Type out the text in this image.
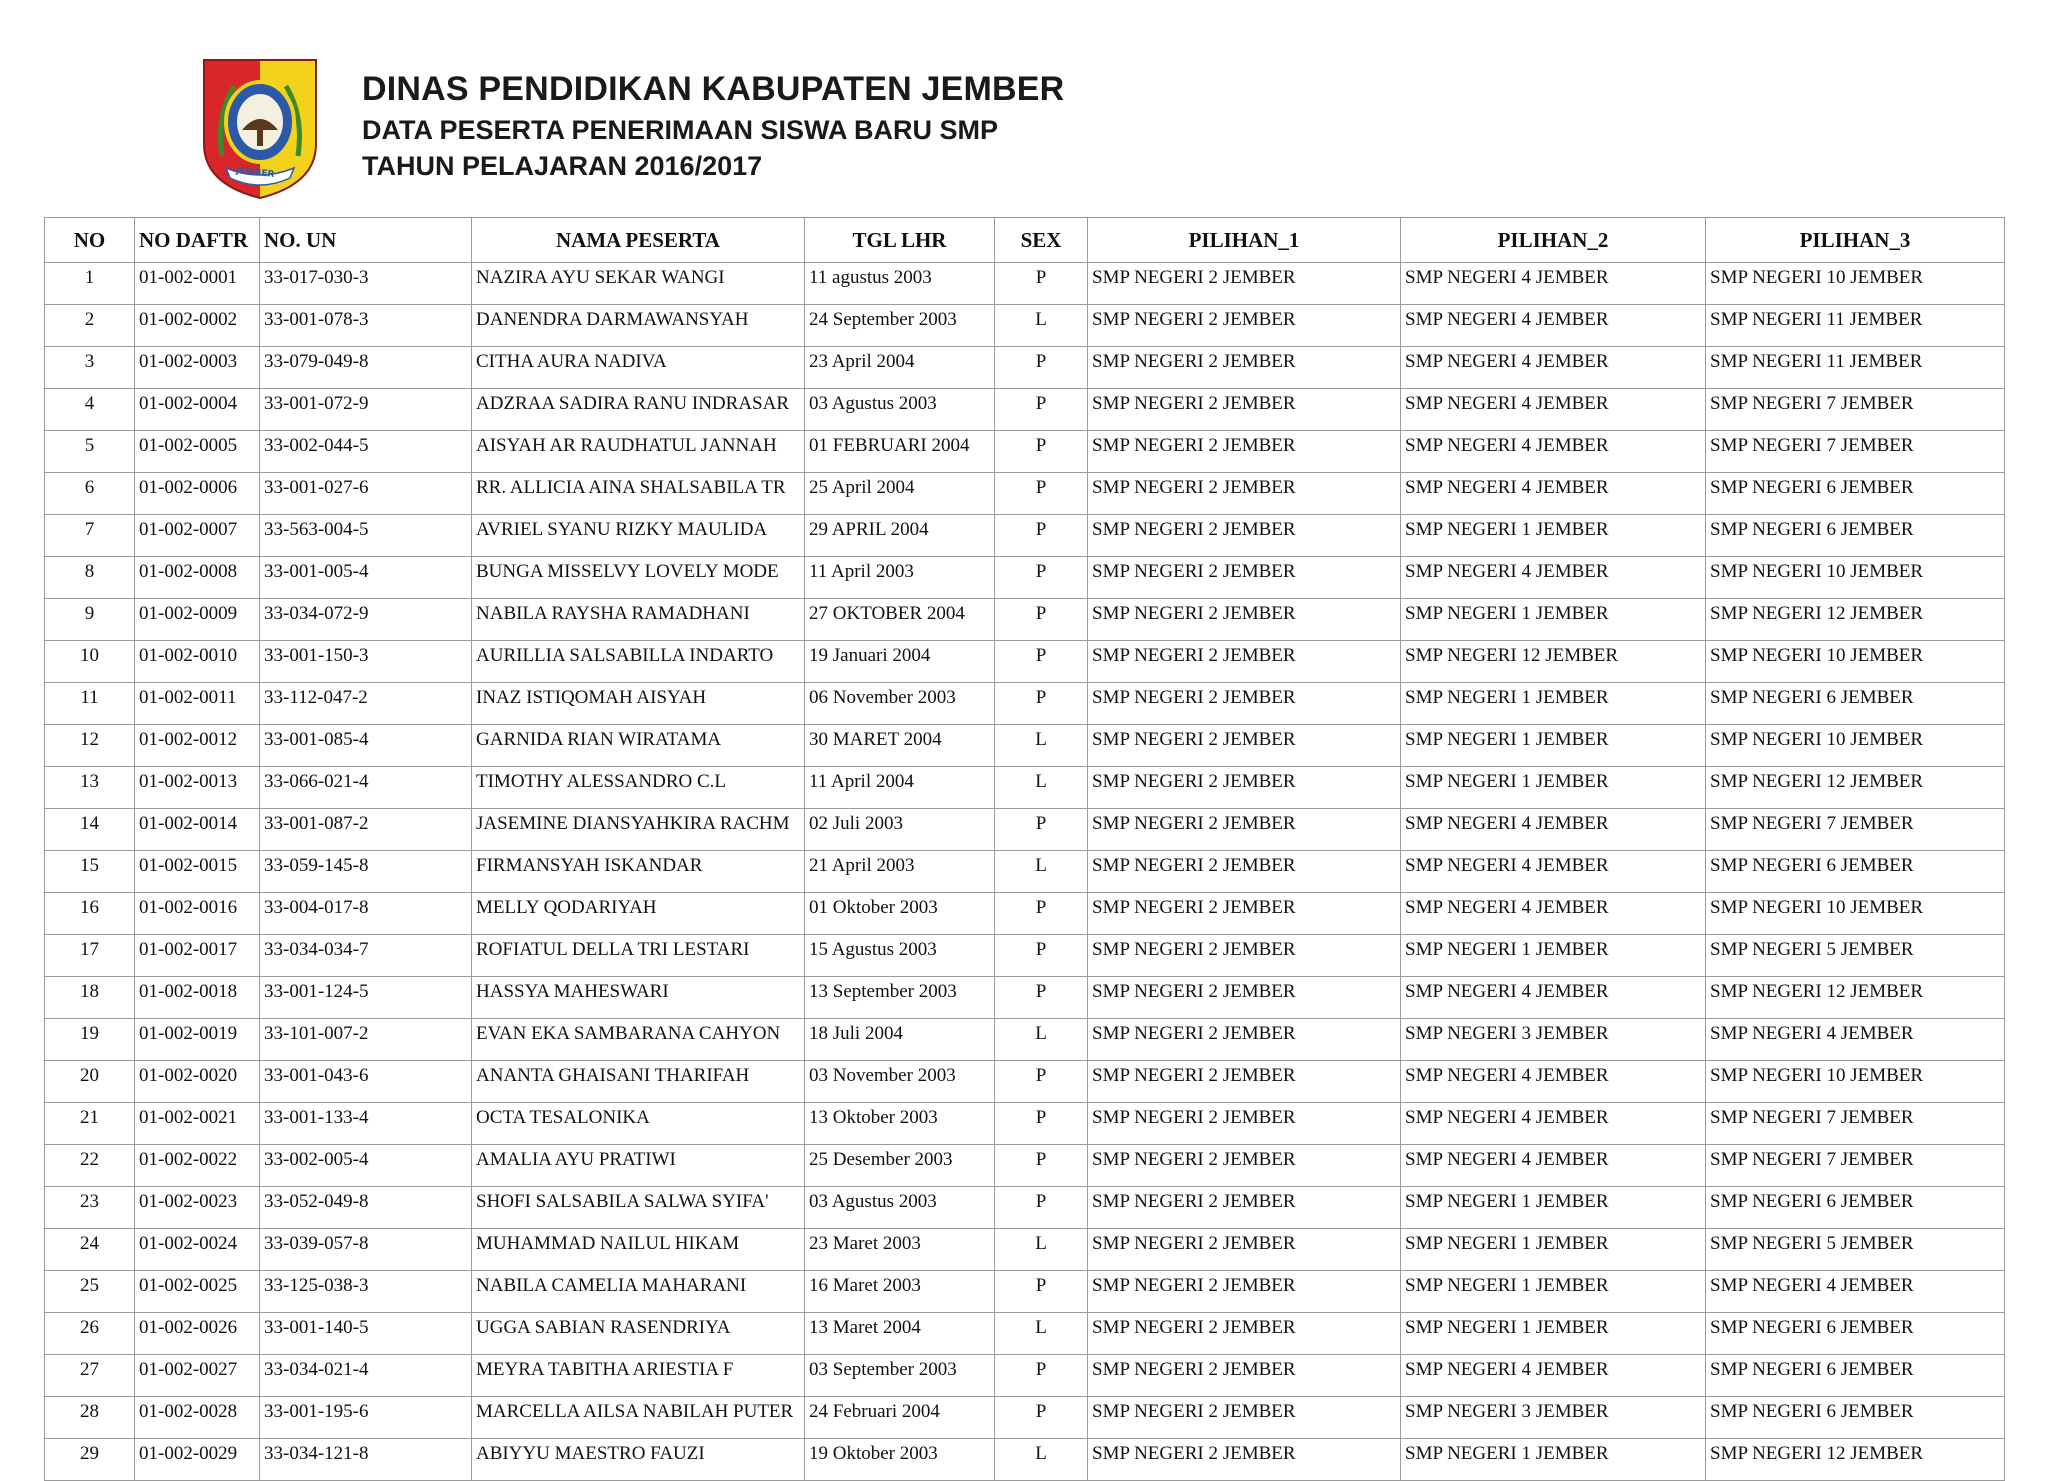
JEMBER
DINAS PENDIDIKAN KABUPATEN JEMBER
DATA PESERTA PENERIMAAN SISWA BARU SMP
TAHUN PELAJARAN 2016/2017
NO	NO DAFTR	NO. UN	NAMA PESERTA	TGL LHR	SEX	PILIHAN_1	PILIHAN_2	PILIHAN_3
1	01-002-0001	33-017-030-3	NAZIRA AYU SEKAR WANGI	11 agustus 2003	P	SMP NEGERI 2 JEMBER	SMP NEGERI 4 JEMBER	SMP NEGERI 10 JEMBER
2	01-002-0002	33-001-078-3	DANENDRA DARMAWANSYAH	24 September 2003	L	SMP NEGERI 2 JEMBER	SMP NEGERI 4 JEMBER	SMP NEGERI 11 JEMBER
3	01-002-0003	33-079-049-8	CITHA AURA NADIVA	23 April 2004	P	SMP NEGERI 2 JEMBER	SMP NEGERI 4 JEMBER	SMP NEGERI 11 JEMBER
4	01-002-0004	33-001-072-9	ADZRAA SADIRA RANU INDRASAR	03 Agustus 2003	P	SMP NEGERI 2 JEMBER	SMP NEGERI 4 JEMBER	SMP NEGERI 7 JEMBER
5	01-002-0005	33-002-044-5	AISYAH AR RAUDHATUL JANNAH	01 FEBRUARI 2004	P	SMP NEGERI 2 JEMBER	SMP NEGERI 4 JEMBER	SMP NEGERI 7 JEMBER
6	01-002-0006	33-001-027-6	RR. ALLICIA AINA SHALSABILA TR	25 April 2004	P	SMP NEGERI 2 JEMBER	SMP NEGERI 4 JEMBER	SMP NEGERI 6 JEMBER
7	01-002-0007	33-563-004-5	AVRIEL SYANU RIZKY MAULIDA	29 APRIL 2004	P	SMP NEGERI 2 JEMBER	SMP NEGERI 1 JEMBER	SMP NEGERI 6 JEMBER
8	01-002-0008	33-001-005-4	BUNGA MISSELVY LOVELY MODE	11 April 2003	P	SMP NEGERI 2 JEMBER	SMP NEGERI 4 JEMBER	SMP NEGERI 10 JEMBER
9	01-002-0009	33-034-072-9	NABILA RAYSHA RAMADHANI	27 OKTOBER 2004	P	SMP NEGERI 2 JEMBER	SMP NEGERI 1 JEMBER	SMP NEGERI 12 JEMBER
10	01-002-0010	33-001-150-3	AURILLIA SALSABILLA INDARTO	19 Januari 2004	P	SMP NEGERI 2 JEMBER	SMP NEGERI 12 JEMBER	SMP NEGERI 10 JEMBER
11	01-002-0011	33-112-047-2	INAZ ISTIQOMAH AISYAH	06 November 2003	P	SMP NEGERI 2 JEMBER	SMP NEGERI 1 JEMBER	SMP NEGERI 6 JEMBER
12	01-002-0012	33-001-085-4	GARNIDA RIAN WIRATAMA	30 MARET 2004	L	SMP NEGERI 2 JEMBER	SMP NEGERI 1 JEMBER	SMP NEGERI 10 JEMBER
13	01-002-0013	33-066-021-4	TIMOTHY ALESSANDRO C.L	11 April 2004	L	SMP NEGERI 2 JEMBER	SMP NEGERI 1 JEMBER	SMP NEGERI 12 JEMBER
14	01-002-0014	33-001-087-2	JASEMINE DIANSYAHKIRA RACHM	02 Juli 2003	P	SMP NEGERI 2 JEMBER	SMP NEGERI 4 JEMBER	SMP NEGERI 7 JEMBER
15	01-002-0015	33-059-145-8	FIRMANSYAH ISKANDAR	21 April 2003	L	SMP NEGERI 2 JEMBER	SMP NEGERI 4 JEMBER	SMP NEGERI 6 JEMBER
16	01-002-0016	33-004-017-8	MELLY QODARIYAH	01 Oktober 2003	P	SMP NEGERI 2 JEMBER	SMP NEGERI 4 JEMBER	SMP NEGERI 10 JEMBER
17	01-002-0017	33-034-034-7	ROFIATUL DELLA TRI LESTARI	15 Agustus 2003	P	SMP NEGERI 2 JEMBER	SMP NEGERI 1 JEMBER	SMP NEGERI 5 JEMBER
18	01-002-0018	33-001-124-5	HASSYA MAHESWARI	13 September 2003	P	SMP NEGERI 2 JEMBER	SMP NEGERI 4 JEMBER	SMP NEGERI 12 JEMBER
19	01-002-0019	33-101-007-2	EVAN EKA SAMBARANA CAHYON	18 Juli 2004	L	SMP NEGERI 2 JEMBER	SMP NEGERI 3 JEMBER	SMP NEGERI 4 JEMBER
20	01-002-0020	33-001-043-6	ANANTA GHAISANI THARIFAH	03 November 2003	P	SMP NEGERI 2 JEMBER	SMP NEGERI 4 JEMBER	SMP NEGERI 10 JEMBER
21	01-002-0021	33-001-133-4	OCTA TESALONIKA	13 Oktober 2003	P	SMP NEGERI 2 JEMBER	SMP NEGERI 4 JEMBER	SMP NEGERI 7 JEMBER
22	01-002-0022	33-002-005-4	AMALIA AYU PRATIWI	25 Desember 2003	P	SMP NEGERI 2 JEMBER	SMP NEGERI 4 JEMBER	SMP NEGERI 7 JEMBER
23	01-002-0023	33-052-049-8	SHOFI SALSABILA SALWA SYIFA'	03 Agustus 2003	P	SMP NEGERI 2 JEMBER	SMP NEGERI 1 JEMBER	SMP NEGERI 6 JEMBER
24	01-002-0024	33-039-057-8	MUHAMMAD NAILUL HIKAM	23 Maret 2003	L	SMP NEGERI 2 JEMBER	SMP NEGERI 1 JEMBER	SMP NEGERI 5 JEMBER
25	01-002-0025	33-125-038-3	NABILA CAMELIA MAHARANI	16 Maret 2003	P	SMP NEGERI 2 JEMBER	SMP NEGERI 1 JEMBER	SMP NEGERI 4 JEMBER
26	01-002-0026	33-001-140-5	UGGA SABIAN RASENDRIYA	13 Maret 2004	L	SMP NEGERI 2 JEMBER	SMP NEGERI 1 JEMBER	SMP NEGERI 6 JEMBER
27	01-002-0027	33-034-021-4	MEYRA TABITHA ARIESTIA F	03 September 2003	P	SMP NEGERI 2 JEMBER	SMP NEGERI 4 JEMBER	SMP NEGERI 6 JEMBER
28	01-002-0028	33-001-195-6	MARCELLA AILSA NABILAH PUTER	24 Februari 2004	P	SMP NEGERI 2 JEMBER	SMP NEGERI 3 JEMBER	SMP NEGERI 6 JEMBER
29	01-002-0029	33-034-121-8	ABIYYU MAESTRO FAUZI	19 Oktober 2003	L	SMP NEGERI 2 JEMBER	SMP NEGERI 1 JEMBER	SMP NEGERI 12 JEMBER
